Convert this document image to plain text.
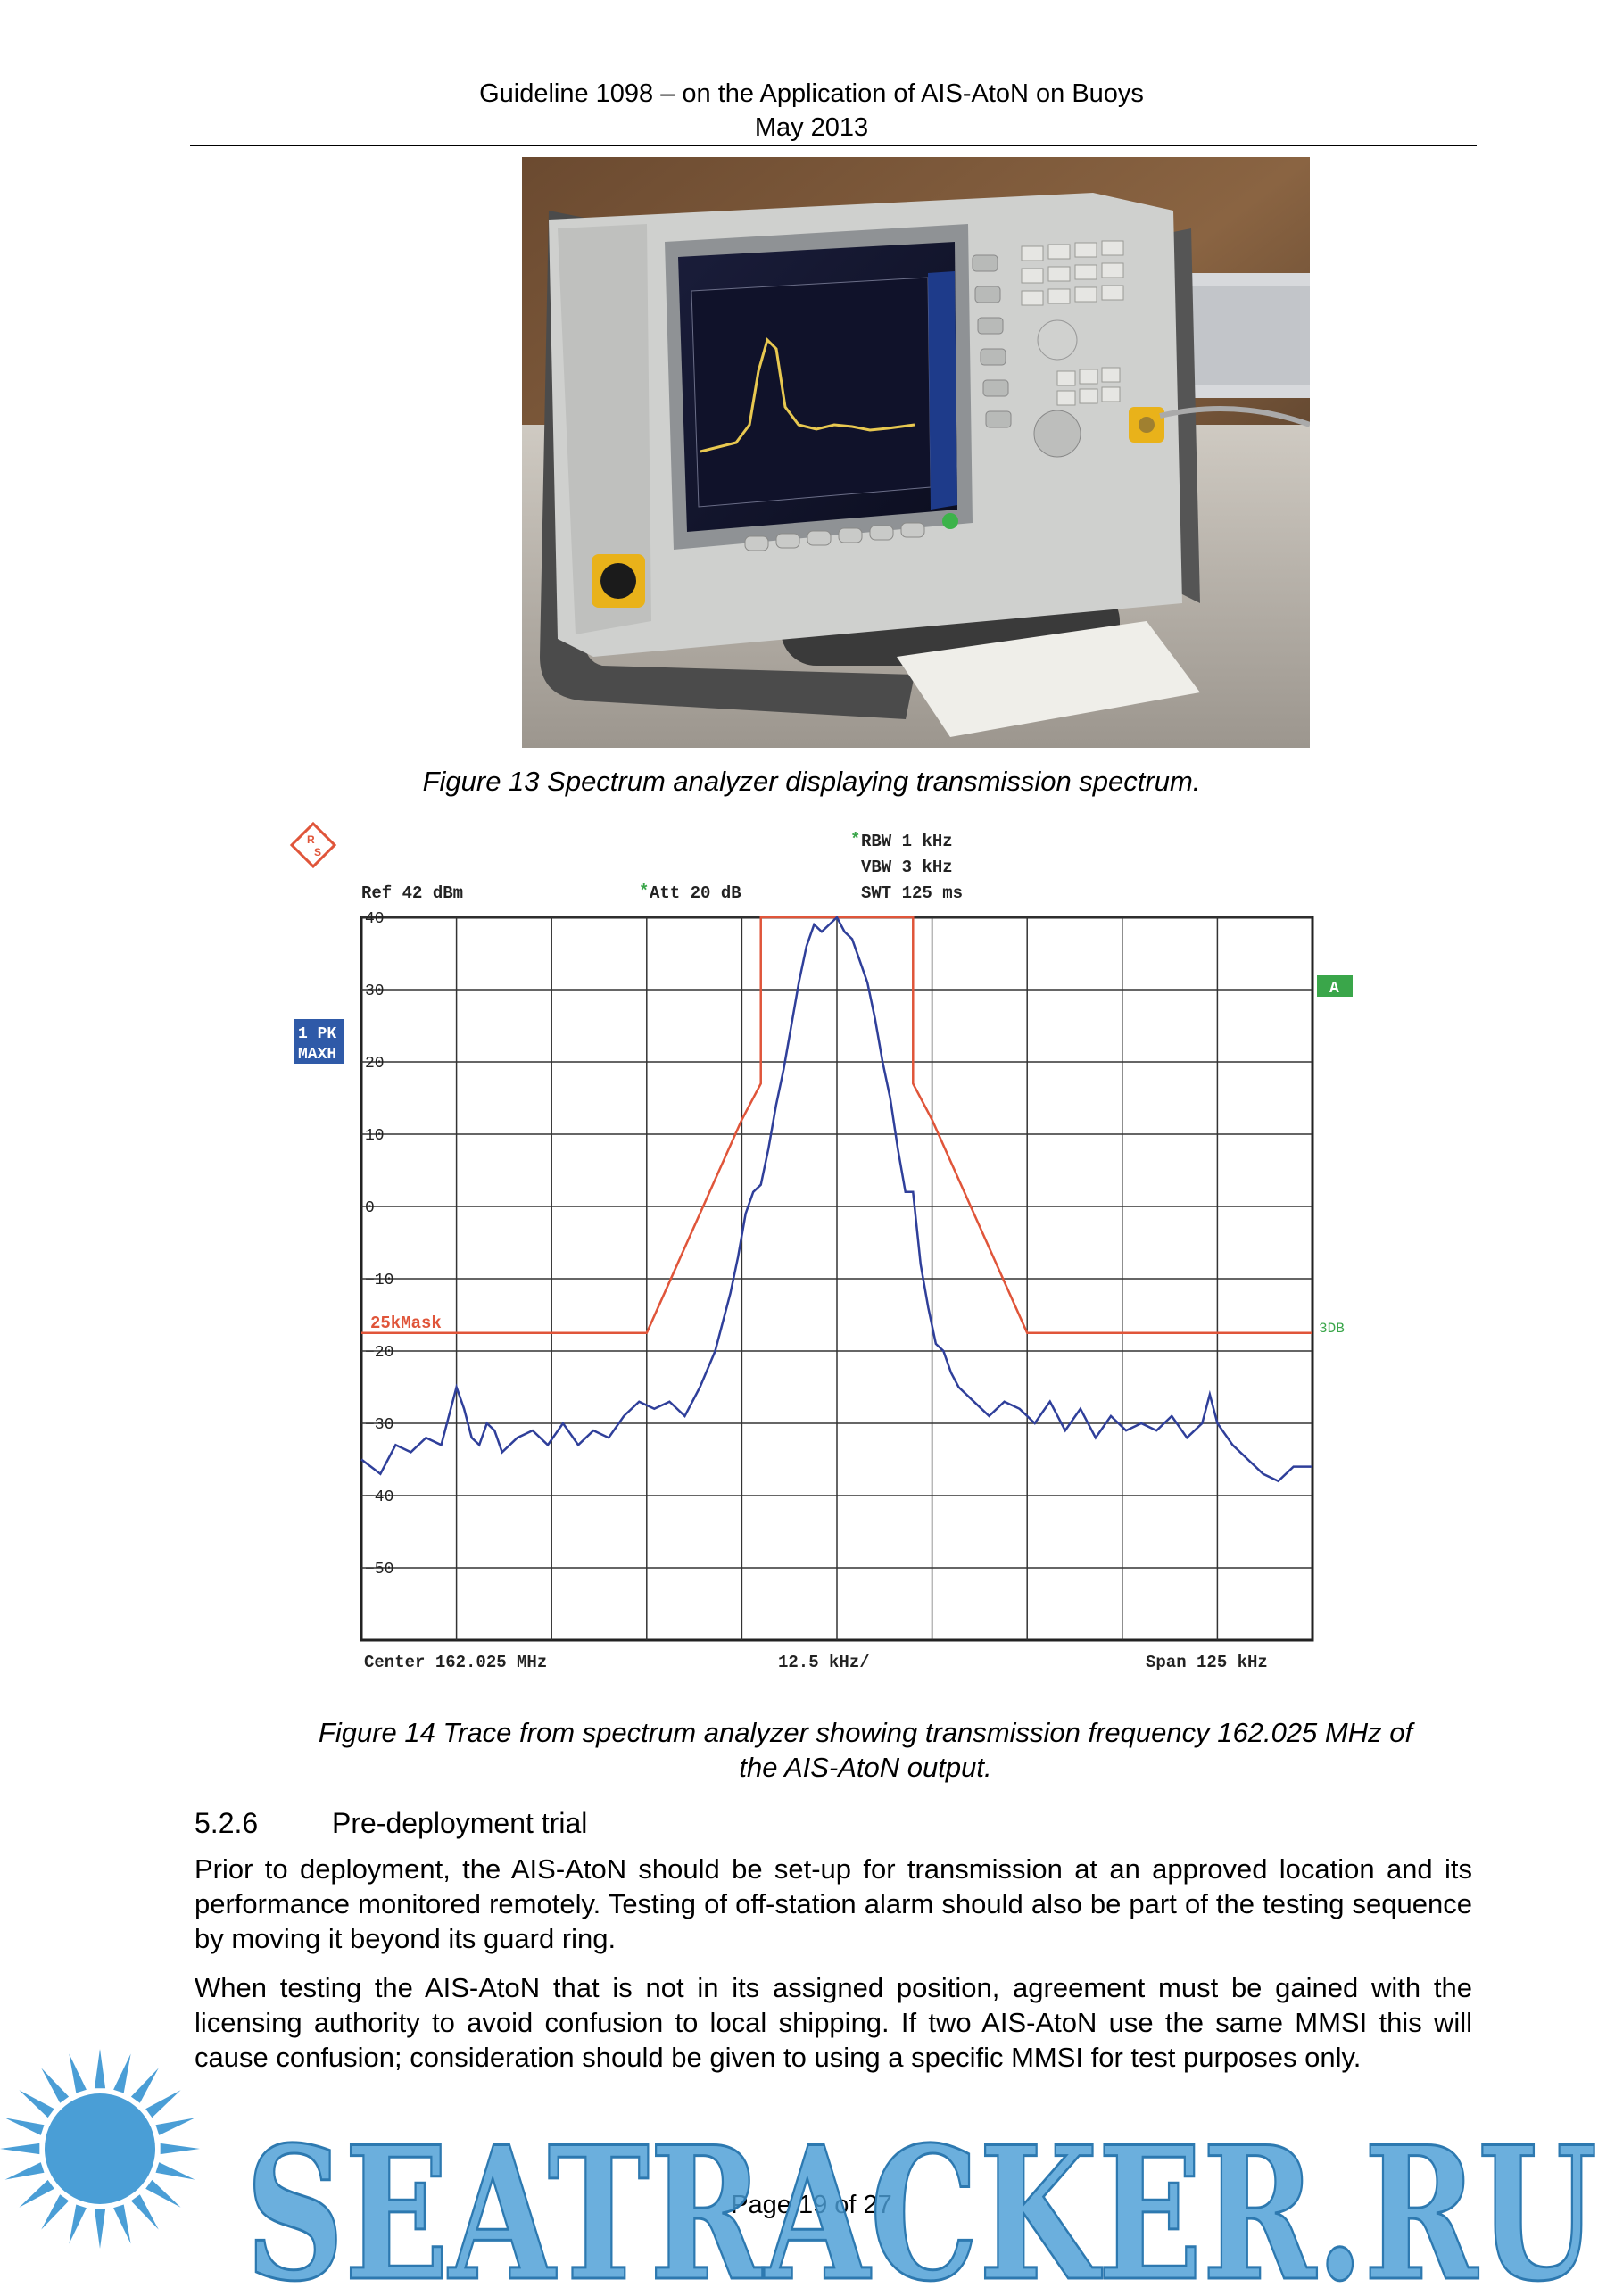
Guideline 1098 – on the Application of AIS-AtoN on Buoys
May 2013
Figure 13 Spectrum analyzer displaying transmission spectrum.
R
S
* RBW 1 kHz
VBW 3 kHz
SWT 125 ms
Ref 42 dBm	* Att 20 dB
1 PK
MAXH
A
3DB
40
30
20
10
0
−10
−20
−30
−40
−50
25kMask
Center 162.025 MHz	12.5 kHz/	Span 125 kHz
Figure 14 Trace from spectrum analyzer showing transmission frequency 162.025 MHz of
the AIS-AtoN output.
5.2.6	Pre-deployment trial
Prior to deployment, the AIS-AtoN should be set-up for transmission at an approved location and its performance monitored remotely. Testing of off-station alarm should also be part of the testing sequence by moving it beyond its guard ring.
When testing the AIS-AtoN that is not in its assigned position, agreement must be gained with the licensing authority to avoid confusion to local shipping. If two AIS-AtoN use the same MMSI this will cause confusion; consideration should be given to using a specific MMSI for test purposes only.
Page 19 of 27
SEATRACKER.RU
